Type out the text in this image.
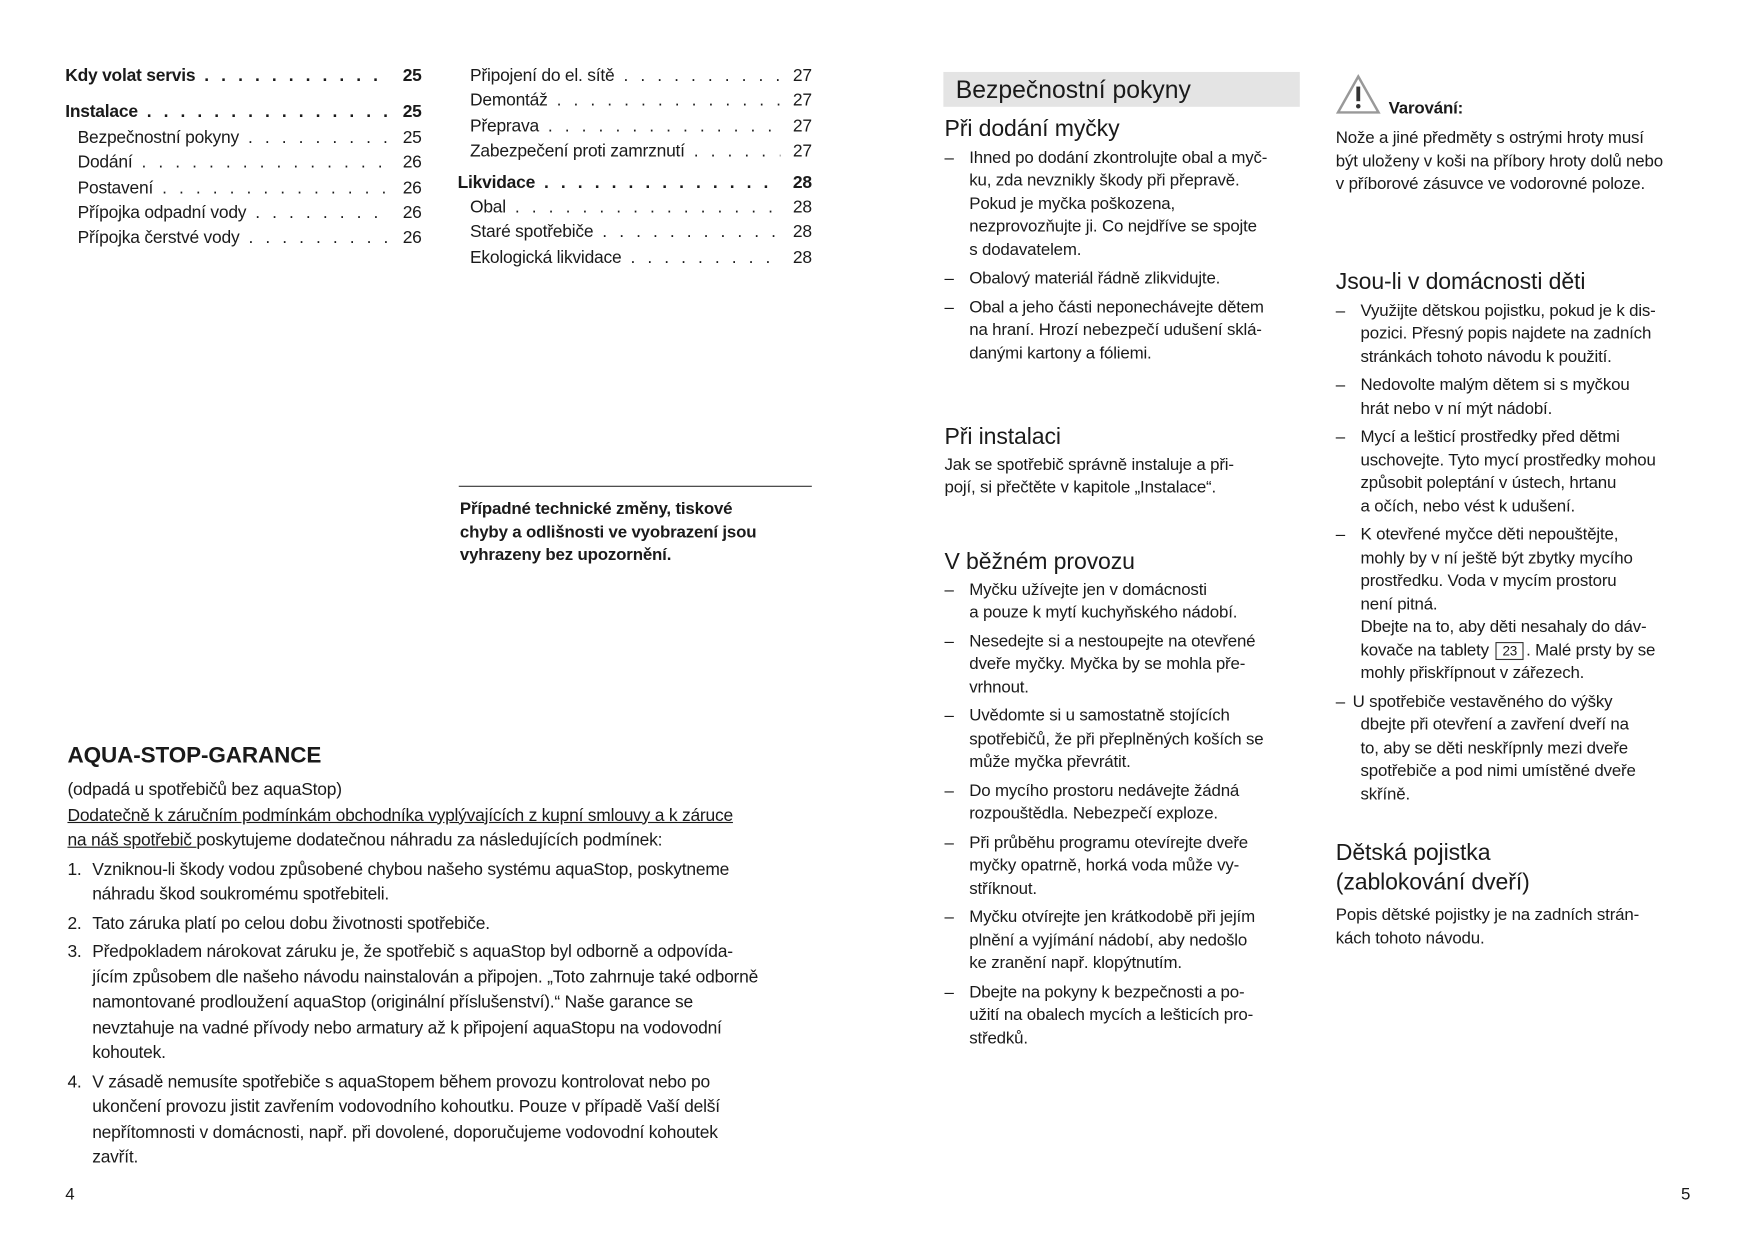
Kdy volat servis . . .	25
Instalace . . .	25
Bezpečnostní pokyny . . .	25
Dodání . . .	26
Postavení . . .	26
Přípojka odpadní vody . . .	26
Přípojka čerstvé vody . . .	26
Připojení do el. sítě . . .	27
Demontáž . . .	27
Přeprava . . .	27
Zabezpečení proti zamrznutí . . .	27
Likvidace . . .	28
Obal . . .	28
Staré spotřebiče . . .	28
Ekologická likvidace . . .	28
Případné technické změny, tiskové
chyby a odlišnosti ve vyobrazení jsou
vyhrazeny bez upozornění.
AQUA-STOP-GARANCE
(odpadá u spotřebičů bez aquaStop)
Dodatečně k záručním podmínkám obchodníka vyplývajících z kupní smlouvy a k záruce
na náš spotřebič poskytujeme dodatečnou náhradu za následujících podmínek:
1. Vzniknou-li škody vodou způsobené chybou našeho systému aquaStop, poskytneme
náhradu škod soukromému spotřebiteli.
2. Tato záruka platí po celou dobu životnosti spotřebiče.
3. Předpokladem nárokovat záruku je, že spotřebič s aquaStop byl odborně a odpovída-
jícím způsobem dle našeho návodu nainstalován a připojen. „Toto zahrnuje také odborně
namontované prodloužení aquaStop (originální příslušenství).“ Naše garance se
nevztahuje na vadné přívody nebo armatury až k připojení aquaStopu na vodovodní
kohoutek.
4. V zásadě nemusíte spotřebiče s aquaStopem během provozu kontrolovat nebo po
ukončení provozu jistit zavřením vodovodního kohoutku. Pouze v případě Vaší delší
nepřítomnosti v domácnosti, např. při dovolené, doporučujeme vodovodní kohoutek
zavřít.
4	5
Bezpečnostní pokyny
Při dodání myčky
–	Ihned po dodání zkontrolujte obal a myč-
ku, zda nevznikly škody při přepravě.
Pokud je myčka poškozena,
nezprovozňujte ji. Co nejdříve se spojte
s dodavatelem.
–	Obalový materiál řádně zlikvidujte.
–	Obal a jeho části neponechávejte dětem
na hraní. Hrozí nebezpečí udušení sklá-
danými kartony a fóliemi.
Při instalaci
Jak se spotřebič správně instaluje a při-
pojí, si přečtěte v kapitole „Instalace“.
V běžném provozu
–	Myčku užívejte jen v domácnosti
a pouze k mytí kuchyňského nádobí.
–	Nesedejte si a nestoupejte na otevřené
dveře myčky. Myčka by se mohla pře-
vrhnout.
–	Uvědomte si u samostatně stojících
spotřebičů, že při přeplněných koších se
může myčka převrátit.
–	Do mycího prostoru nedávejte žádná
rozpouštědla. Nebezpečí exploze.
–	Při průběhu programu otevírejte dveře
myčky opatrně, horká voda může vy-
stříknout.
–	Myčku otvírejte jen krátkodobě při jejím
plnění a vyjímání nádobí, aby nedošlo
ke zranění např. klopýtnutím.
–	Dbejte na pokyny k bezpečnosti a po-
užití na obalech mycích a lešticích pro-
středků.
Varování:
Nože a jiné předměty s ostrými hroty musí
být uloženy v koši na příbory hroty dolů nebo
v příborové zásuvce ve vodorovné poloze.
Jsou-li v domácnosti děti
–	Využijte dětskou pojistku, pokud je k dis-
pozici. Přesný popis najdete na zadních
stránkách tohoto návodu k použití.
–	Nedovolte malým dětem si s myčkou
hrát nebo v ní mýt nádobí.
–	Mycí a lešticí prostředky před dětmi
uschovejte. Tyto mycí prostředky mohou
způsobit poleptání v ústech, hrtanu
a očích, nebo vést k udušení.
–	K otevřené myčce děti nepouštějte,
mohly by v ní ještě být zbytky mycího
prostředku. Voda v mycím prostoru
není pitná.
Dbejte na to, aby děti nesahaly do dáv-
kovače na tablety 23 . Malé prsty by se
mohly přiskřípnout v zářezech.
– U spotřebiče vestavěného do výšky
dbejte při otevření a zavření dveří na
to, aby se děti neskřípnly mezi dveře
spotřebiče a pod nimi umístěné dveře
skříně.
Dětská pojistka
(zablokování dveří)
Popis dětské pojistky je na zadních strán-
kách tohoto návodu.
